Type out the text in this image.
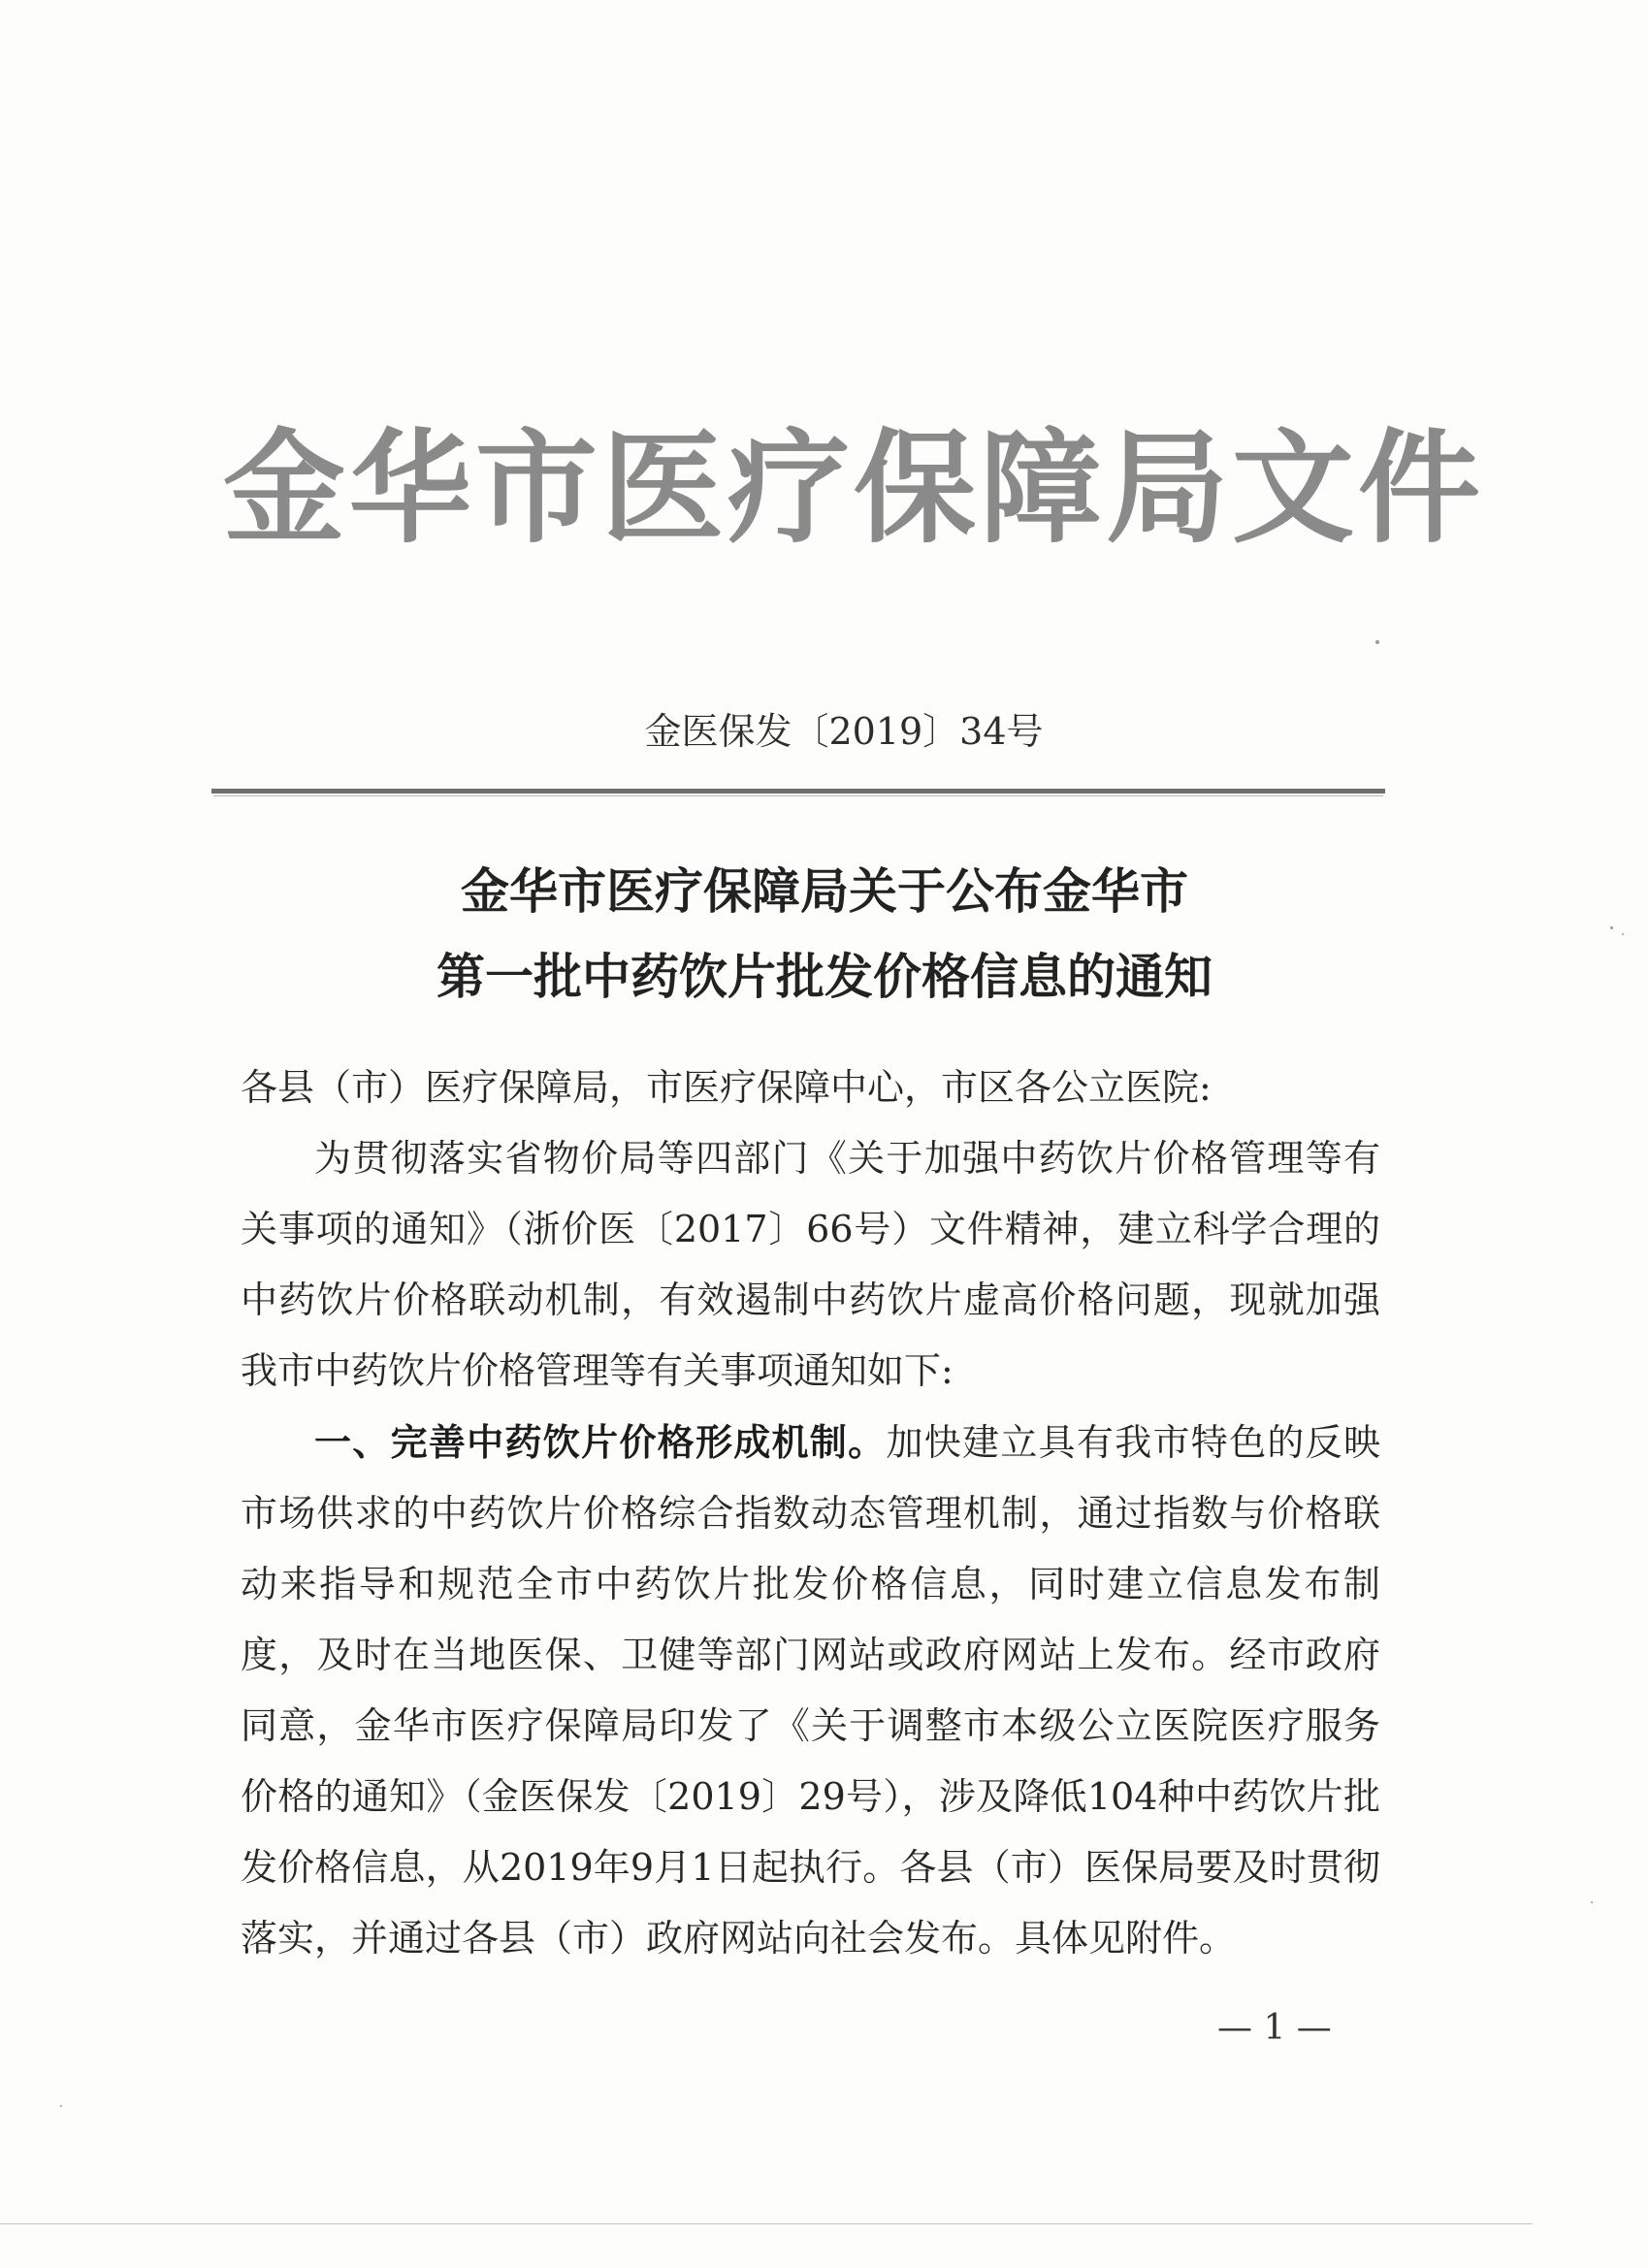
金华市医疗保障局文件
金医保发〔2019〕34号
金华市医疗保障局关于公布金华市
第一批中药饮片批发价格信息的通知

各县（市）医疗保障局，市医疗保障中心，市区各公立医院:

为贯彻落实省物价局等四部门《关于加强中药饮片价格管理等有关事项的通知》（浙价医〔2017〕66号）文件精神，建立科学合理的中药饮片价格联动机制，有效遏制中药饮片虚高价格问题，现就加强我市中药饮片价格管理等有关事项通知如下:

一、完善中药饮片价格形成机制。加快建立具有我市特色的反映市场供求的中药饮片价格综合指数动态管理机制，通过指数与价格联动来指导和规范全市中药饮片批发价格信息，同时建立信息发布制度，及时在当地医保、卫健等部门网站或政府网站上发布。经市政府同意，金华市医疗保障局印发了《关于调整市本级公立医院医疗服务价格的通知》（金医保发〔2019〕29号），涉及降低104种中药饮片批发价格信息，从2019年9月1日起执行。各县（市）医保局要及时贯彻落实，并通过各县（市）政府网站向社会发布。具体见附件。

— 1 —
